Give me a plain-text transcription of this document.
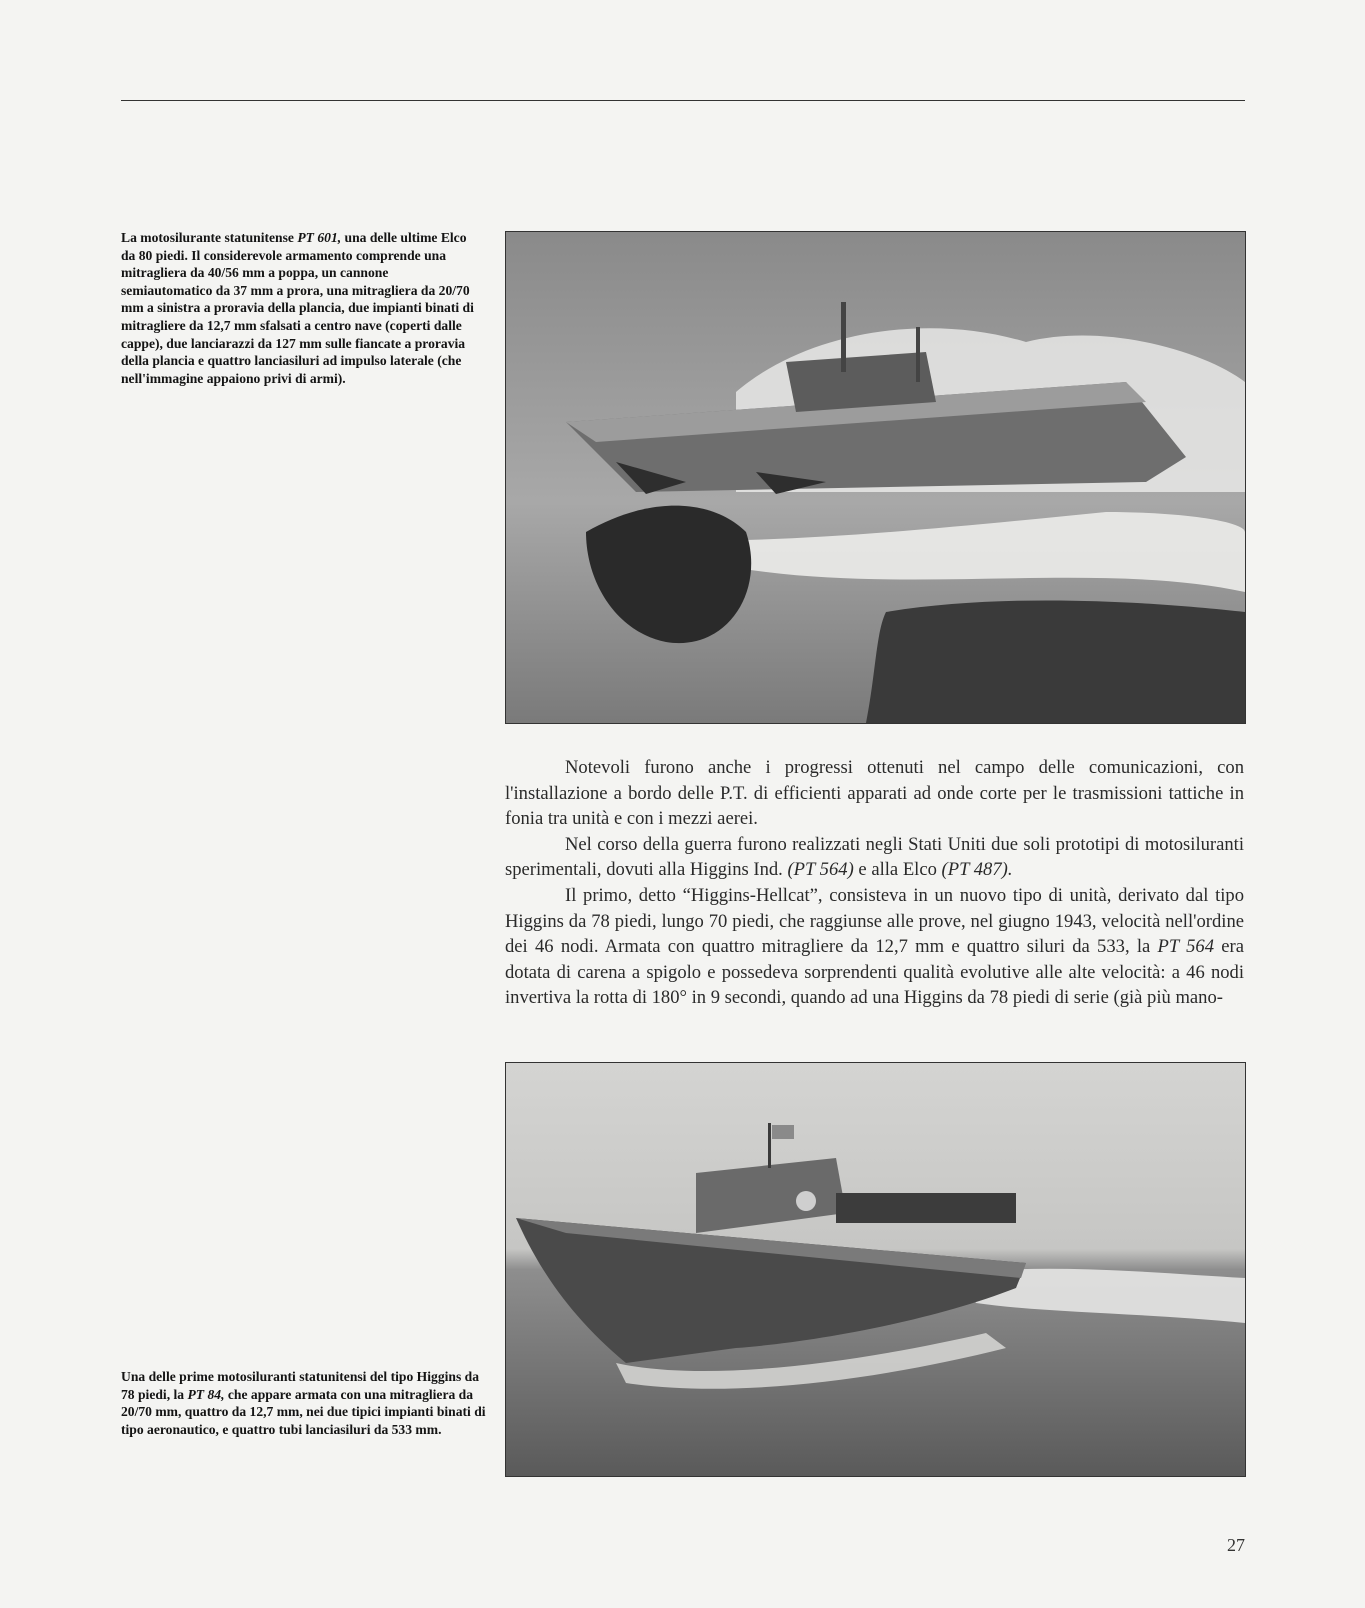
La motosilurante statunitense PT 601, una delle ultime Elco da 80 piedi. Il considerevole armamento comprende una mitragliera da 40/56 mm a poppa, un cannone semiautomatico da 37 mm a prora, una mitragliera da 20/70 mm a sinistra a proravia della plancia, due impianti binati di mitragliere da 12,7 mm sfalsati a centro nave (coperti dalle cappe), due lanciarazzi da 127 mm sulle fiancate a proravia della plancia e quattro lanciasiluri ad impulso laterale (che nell'immagine appaiono privi di armi).

Notevoli furono anche i progressi ottenuti nel campo delle comunicazioni, con l'installazione a bordo delle P.T. di efficienti apparati ad onde corte per le trasmissioni tattiche in fonia tra unità e con i mezzi aerei.

Nel corso della guerra furono realizzati negli Stati Uniti due soli prototipi di motosiluranti sperimentali, dovuti alla Higgins Ind. (PT 564) e alla Elco (PT 487).

Il primo, detto “Higgins-Hellcat”, consisteva in un nuovo tipo di unità, derivato dal tipo Higgins da 78 piedi, lungo 70 piedi, che raggiunse alle prove, nel giugno 1943, velocità nell'ordine dei 46 nodi. Armata con quattro mitragliere da 12,7 mm e quattro siluri da 533, la PT 564 era dotata di carena a spigolo e possedeva sorprendenti qualità evolutive alle alte velocità: a 46 nodi invertiva la rotta di 180° in 9 secondi, quando ad una Higgins da 78 piedi di serie (già più mano-

Una delle prime motosiluranti statunitensi del tipo Higgins da 78 piedi, la PT 84, che appare armata con una mitragliera da 20/70 mm, quattro da 12,7 mm, nei due tipici impianti binati di tipo aeronautico, e quattro tubi lanciasiluri da 533 mm.

27
